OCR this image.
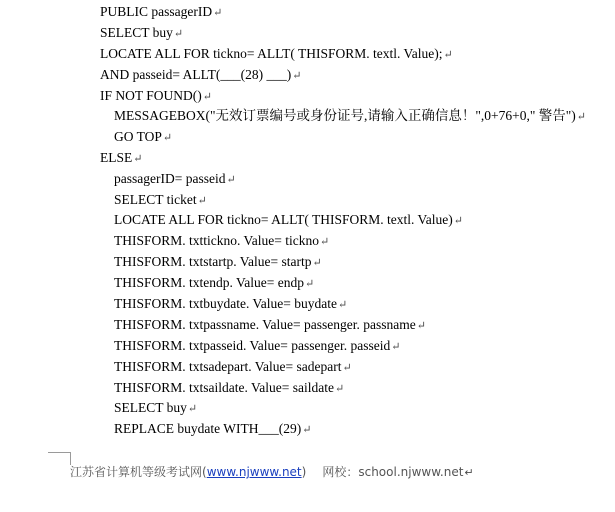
PUBLIC passagerID↵
SELECT buy↵
LOCATE ALL FOR tickno= ALLT( THISFORM. textl. Value);↵
AND passeid= ALLT(___(28) ___)↵
IF NOT FOUND()↵
MESSAGEBOX("无效订票编号或身份证号,请输入正确信息！",0+76+0," 警告")↵
GO TOP↵
ELSE↵
passagerID= passeid↵
SELECT ticket↵
LOCATE ALL FOR tickno= ALLT( THISFORM. textl. Value)↵
THISFORM. txttickno. Value= tickno↵
THISFORM. txtstartp. Value= startp↵
THISFORM. txtendp. Value= endp↵
THISFORM. txtbuydate. Value= buydate↵
THISFORM. txtpassname. Value= passenger. passname↵
THISFORM. txtpasseid. Value= passenger. passeid↵
THISFORM. txtsadepart. Value= sadepart↵
THISFORM. txtsaildate. Value= saildate↵
SELECT buy↵
REPLACE buydate WITH___(29)↵
江苏省计算机等级考试网(www.njwww.net) 网校：school.njwww.net↵
